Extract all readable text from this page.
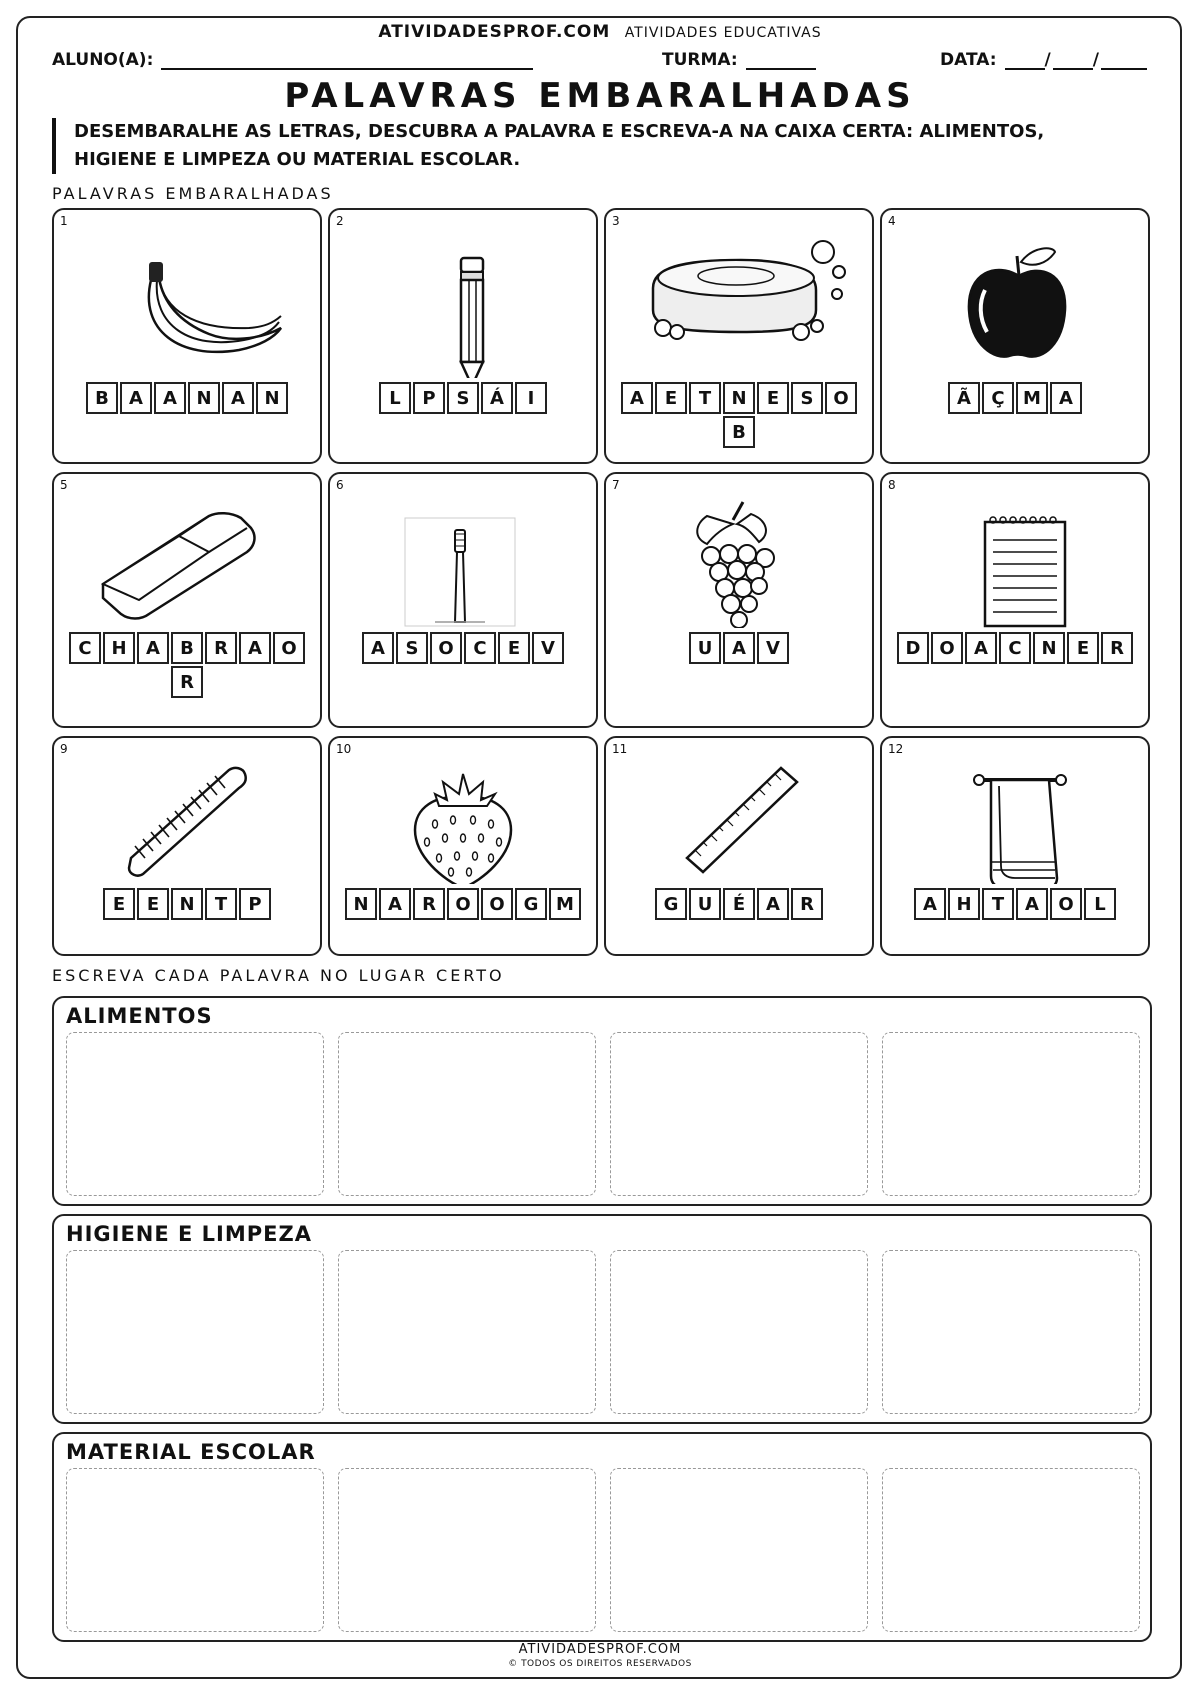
ATIVIDADESPROF.COM ATIVIDADES EDUCATIVAS
ALUNO(A):	TURMA:	DATA:	/ /
PALAVRAS EMBARALHADAS
DESEMBARALHE AS LETRAS, DESCUBRA A PALAVRA E ESCREVA-A NA CAIXA CERTA: ALIMENTOS, HIGIENE E LIMPEZA OU MATERIAL ESCOLAR.
PALAVRAS EMBARALHADAS
1
B	A	A	N	A	N
2
L	P	S	Á	I
3
A	E	T	N	E	S	O
B
4
Ã	Ç	M	A
5
C	H	A	B	R	A	O
R
6
A	S	O	C	E	V
7
U	A	V
8
D	O	A	C	N	E	R
9
E	E	N	T	P
10
N	A	R	O	O	G M
11
G	U	É	A	R
12
A	H	T	A	O	L
ESCREVA CADA PALAVRA NO LUGAR CERTO
ALIMENTOS
HIGIENE E LIMPEZA
MATERIAL ESCOLAR
ATIVIDADESPROF.COM
© TODOS OS DIREITOS RESERVADOS
